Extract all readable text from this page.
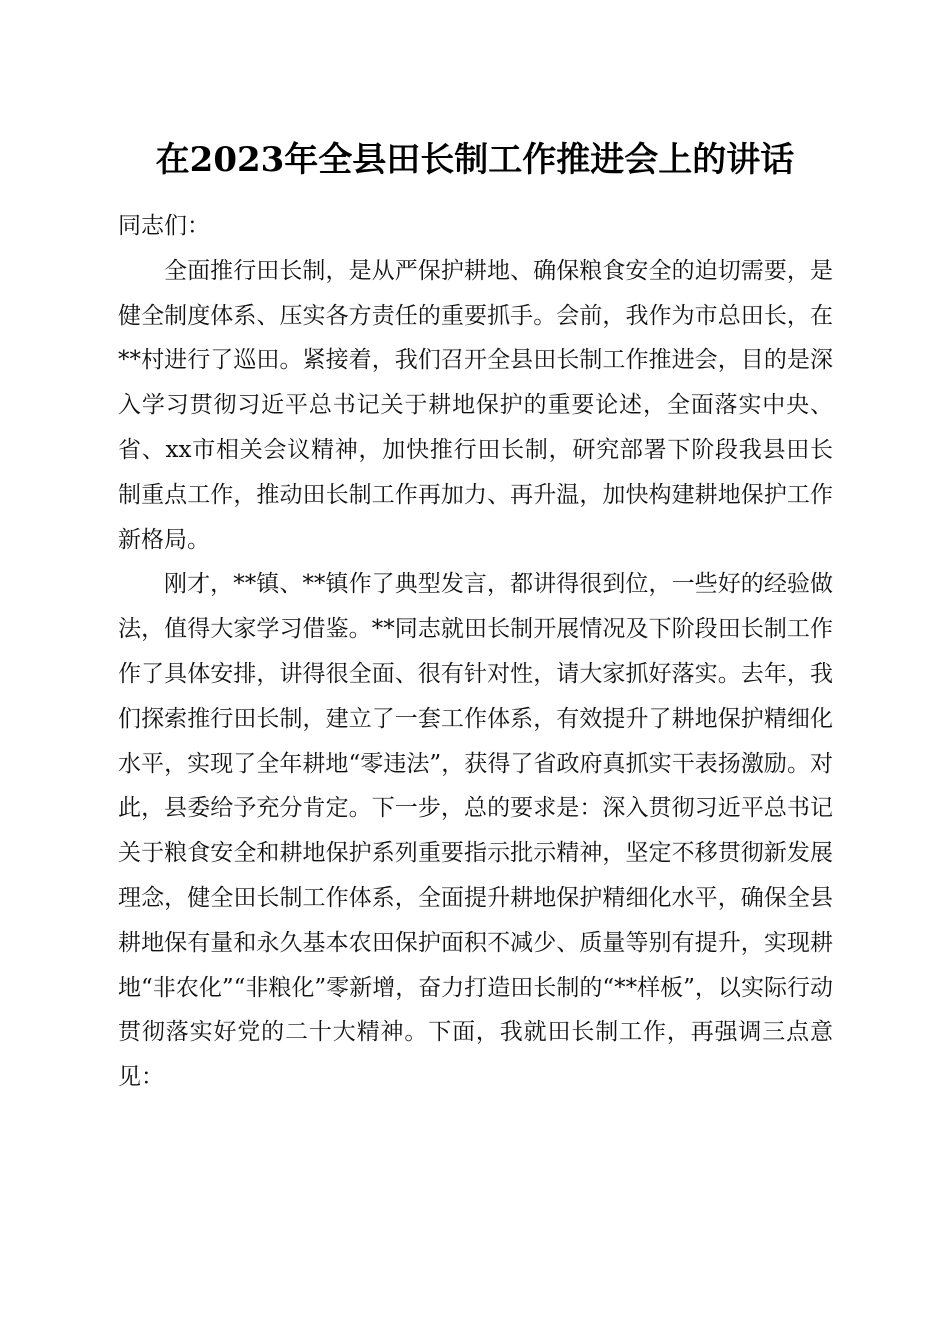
在2023年全县田长制工作推进会上的讲话

同志们：

全面推行田长制，是从严保护耕地、确保粮食安全的迫切需要，是健全制度体系、压实各方责任的重要抓手。会前，我作为市总田长，在**村进行了巡田。紧接着，我们召开全县田长制工作推进会，目的是深入学习贯彻习近平总书记关于耕地保护的重要论述，全面落实中央、省、xx市相关会议精神，加快推行田长制，研究部署下阶段我县田长制重点工作，推动田长制工作再加力、再升温，加快构建耕地保护工作新格局。

刚才，**镇、**镇作了典型发言，都讲得很到位，一些好的经验做法，值得大家学习借鉴。**同志就田长制开展情况及下阶段田长制工作作了具体安排，讲得很全面、很有针对性，请大家抓好落实。去年，我们探索推行田长制，建立了一套工作体系，有效提升了耕地保护精细化水平，实现了全年耕地“零违法”，获得了省政府真抓实干表扬激励。对此，县委给予充分肯定。下一步，总的要求是：深入贯彻习近平总书记关于粮食安全和耕地保护系列重要指示批示精神，坚定不移贯彻新发展理念，健全田长制工作体系，全面提升耕地保护精细化水平，确保全县耕地保有量和永久基本农田保护面积不减少、质量等别有提升，实现耕地“非农化”“非粮化”零新增，奋力打造田长制的“**样板”，以实际行动贯彻落实好党的二十大精神。下面，我就田长制工作，再强调三点意见：
